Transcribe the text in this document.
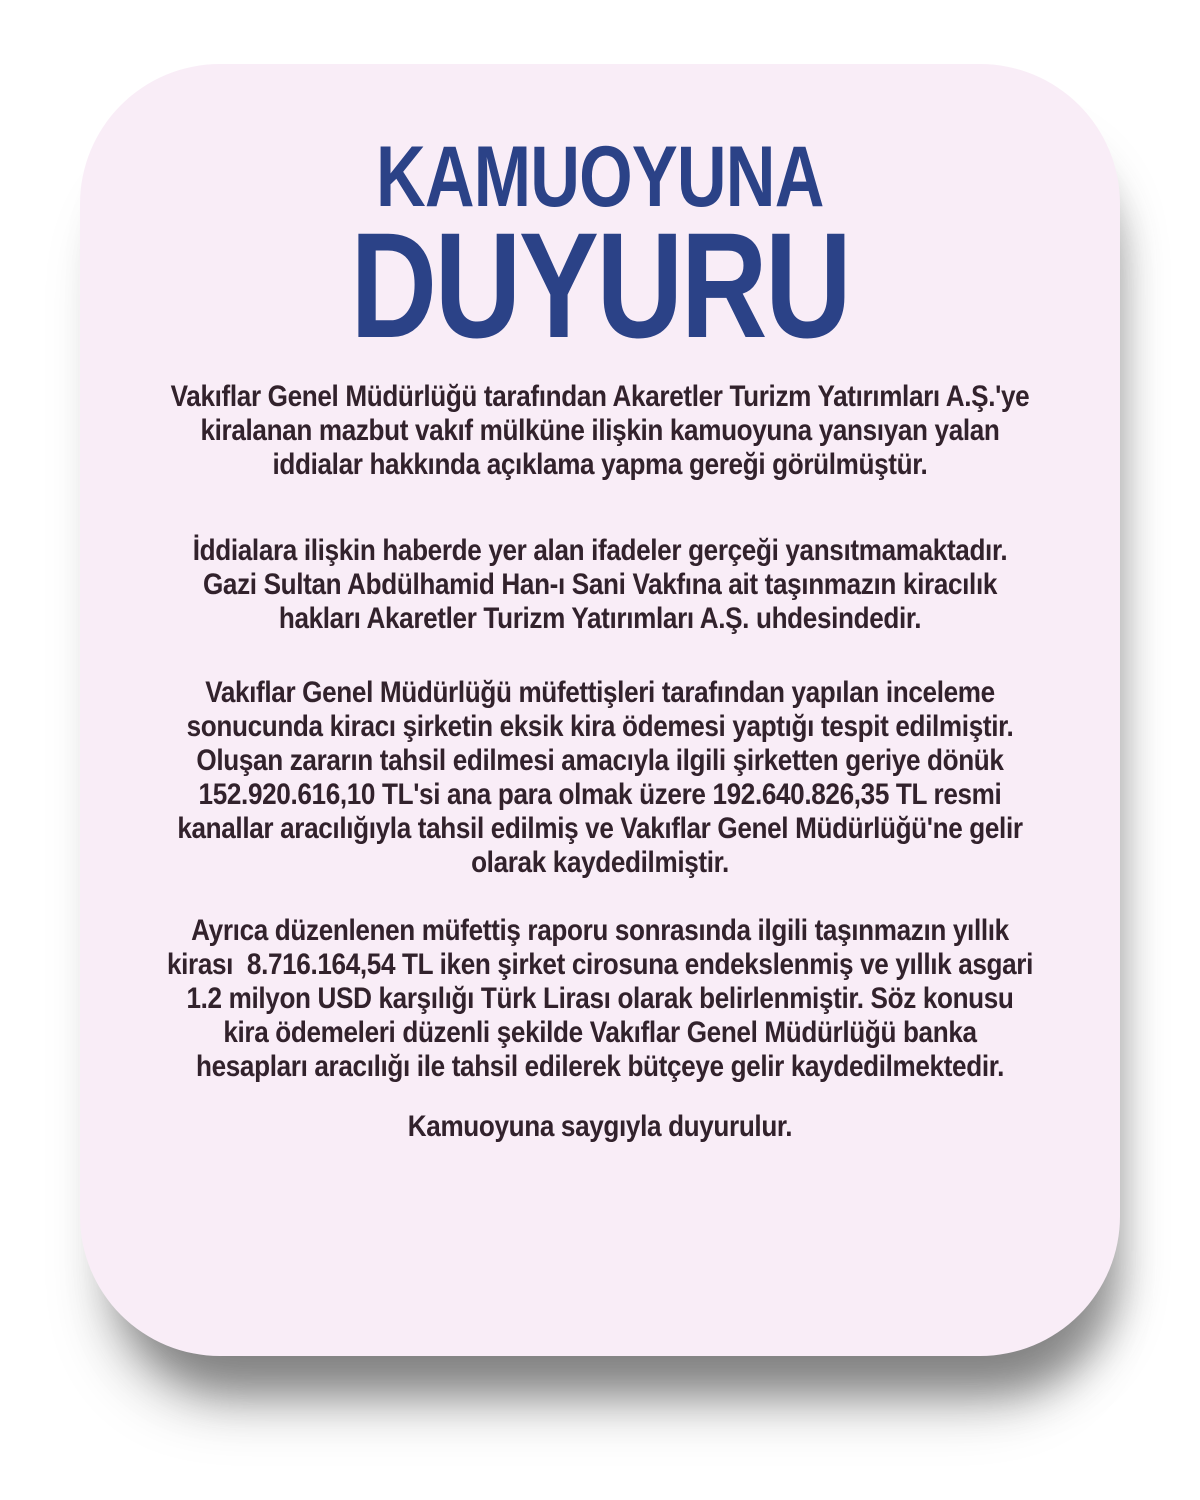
KAMUOYUNA
DUYURU

Vakıflar Genel Müdürlüğü tarafından Akaretler Turizm Yatırımları A.Ş.'ye kiralanan mazbut vakıf mülküne ilişkin kamuoyuna yansıyan yalan iddialar hakkında açıklama yapma gereği görülmüştür.

İddialara ilişkin haberde yer alan ifadeler gerçeği yansıtmamaktadır. Gazi Sultan Abdülhamid Han-ı Sani Vakfına ait taşınmazın kiracılık hakları Akaretler Turizm Yatırımları A.Ş. uhdesindedir.

Vakıflar Genel Müdürlüğü müfettişleri tarafından yapılan inceleme sonucunda kiracı şirketin eksik kira ödemesi yaptığı tespit edilmiştir. Oluşan zararın tahsil edilmesi amacıyla ilgili şirketten geriye dönük 152.920.616,10 TL'si ana para olmak üzere 192.640.826,35 TL resmi kanallar aracılığıyla tahsil edilmiş ve Vakıflar Genel Müdürlüğü'ne gelir olarak kaydedilmiştir.

Ayrıca düzenlenen müfettiş raporu sonrasında ilgili taşınmazın yıllık kirası  8.716.164,54 TL iken şirket cirosuna endekslenmiş ve yıllık asgari 1.2 milyon USD karşılığı Türk Lirası olarak belirlenmiştir. Söz konusu kira ödemeleri düzenli şekilde Vakıflar Genel Müdürlüğü banka hesapları aracılığı ile tahsil edilerek bütçeye gelir kaydedilmektedir.

Kamuoyuna saygıyla duyurulur.
